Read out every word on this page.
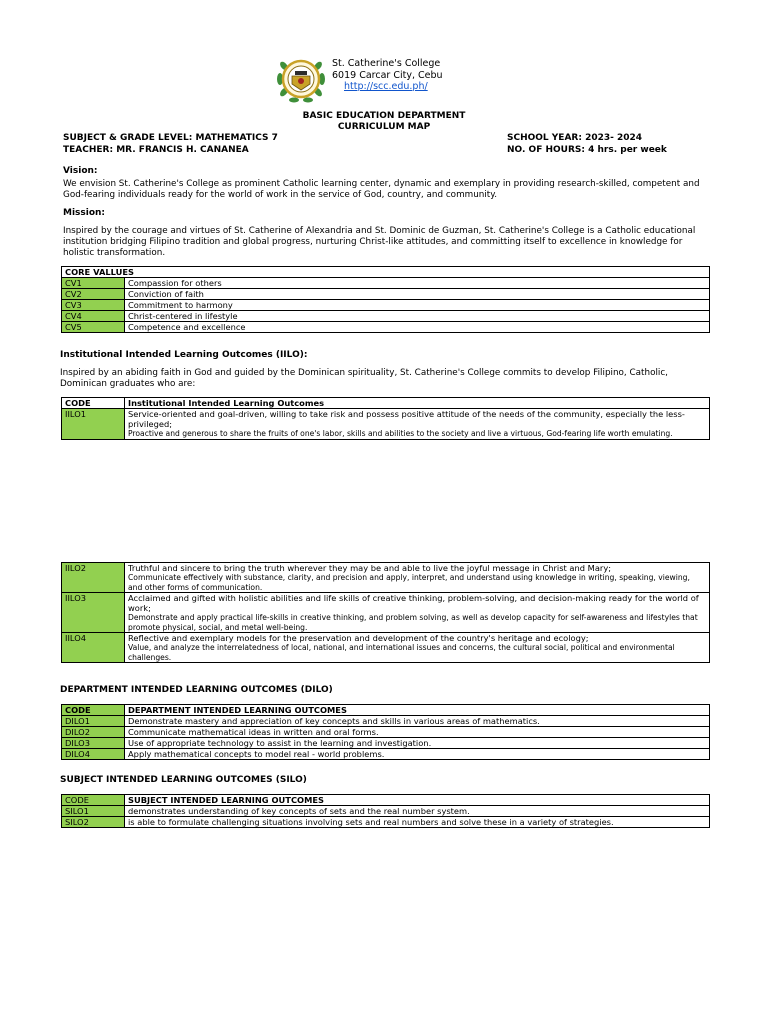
St. Catherine's College
6019 Carcar City, Cebu
http://scc.edu.ph/
BASIC EDUCATION DEPARTMENT
CURRICULUM MAP
SUBJECT & GRADE LEVEL: MATHEMATICS 7
TEACHER: MR. FRANCIS H. CANANEA
SCHOOL YEAR: 2023- 2024
NO. OF HOURS: 4 hrs. per week
Vision:
We envision St. Catherine's College as prominent Catholic learning center, dynamic and exemplary in providing research-skilled, competent and God-fearing individuals ready for the world of work in the service of God, country, and community.
Mission:
Inspired by the courage and virtues of St. Catherine of Alexandria and St. Dominic de Guzman, St. Catherine's College is a Catholic educational institution bridging Filipino tradition and global progress, nurturing Christ-like attitudes, and committing itself to excellence in knowledge for holistic transformation.
CORE VALLUES	
CV1	Compassion for others
CV2	Conviction of faith
CV3	Commitment to harmony
CV4	Christ-centered in lifestyle
CV5	Competence and excellence
Institutional Intended Learning Outcomes (IILO):
Inspired by an abiding faith in God and guided by the Dominican spirituality, St. Catherine's College commits to develop Filipino, Catholic, Dominican graduates who are:
CODE	Institutional Intended Learning Outcomes
IILO1	Service-oriented and goal-driven, willing to take risk and possess positive attitude of the needs of the community, especially the less-privileged;
Proactive and generous to share the fruits of one's labor, skills and abilities to the society and live a virtuous, God-fearing life worth emulating.
IILO2	Truthful and sincere to bring the truth wherever they may be and able to live the joyful message in Christ and Mary;
Communicate effectively with substance, clarity, and precision and apply, interpret, and understand using knowledge in writing, speaking, viewing, and other forms of communication.

IILO3	Acclaimed and gifted with holistic abilities and life skills of creative thinking, problem-solving, and decision-making ready for the world of work;
Demonstrate and apply practical life-skills in creative thinking, and problem solving, as well as develop capacity for self-awareness and lifestyles that promote physical, social, and metal well-being.

IILO4	Reflective and exemplary models for the preservation and development of the country's heritage and ecology;
Value, and analyze the interrelatedness of local, national, and international issues and concerns, the cultural social, political and environmental challenges.
DEPARTMENT INTENDED LEARNING OUTCOMES (DILO)
CODE	DEPARTMENT INTENDED LEARNING OUTCOMES
DILO1	Demonstrate mastery and appreciation of key concepts and skills in various areas of mathematics.
DILO2	Communicate mathematical ideas in written and oral forms.
DILO3	Use of appropriate technology to assist in the learning and investigation.
DILO4	Apply mathematical concepts to model real - world problems.
SUBJECT INTENDED LEARNING OUTCOMES (SILO)
CODE	SUBJECT INTENDED LEARNING OUTCOMES
SILO1	demonstrates understanding of key concepts of sets and the real number system.
SILO2	is able to formulate challenging situations involving sets and real numbers and solve these in a variety of strategies.
